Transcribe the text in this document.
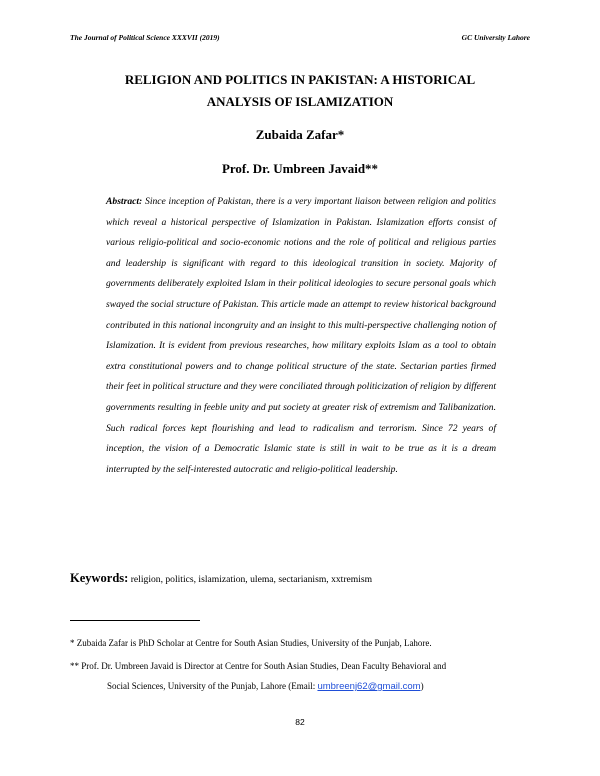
The Journal of Political Science XXXVII (2019)	GC University Lahore
RELIGION AND POLITICS IN PAKISTAN: A HISTORICAL
ANALYSIS OF ISLAMIZATION
Zubaida Zafar*
Prof. Dr. Umbreen Javaid**
Abstract: Since inception of Pakistan, there is a very important liaison between religion and politics which reveal a historical perspective of Islamization in Pakistan. Islamization efforts consist of various religio-political and socio-economic notions and the role of political and religious parties and leadership is significant with regard to this ideological transition in society. Majority of governments deliberately exploited Islam in their political ideologies to secure personal goals which swayed the social structure of Pakistan. This article made an attempt to review historical background contributed in this national incongruity and an insight to this multi-perspective challenging notion of Islamization. It is evident from previous researches, how military exploits Islam as a tool to obtain extra constitutional powers and to change political structure of the state. Sectarian parties firmed their feet in political structure and they were conciliated through politicization of religion by different governments resulting in feeble unity and put society at greater risk of extremism and Talibanization. Such radical forces kept flourishing and lead to radicalism and terrorism. Since 72 years of inception, the vision of a Democratic Islamic state is still in wait to be true as it is a dream interrupted by the self-interested autocratic and religio-political leadership.
Keywords: religion, politics, islamization, ulema, sectarianism, xxtremism
* Zubaida Zafar is PhD Scholar at Centre for South Asian Studies, University of the Punjab, Lahore.
** Prof. Dr. Umbreen Javaid is Director at Centre for South Asian Studies, Dean Faculty Behavioral and
Social Sciences, University of the Punjab, Lahore (Email: umbreenj62@gmail.com)
82
